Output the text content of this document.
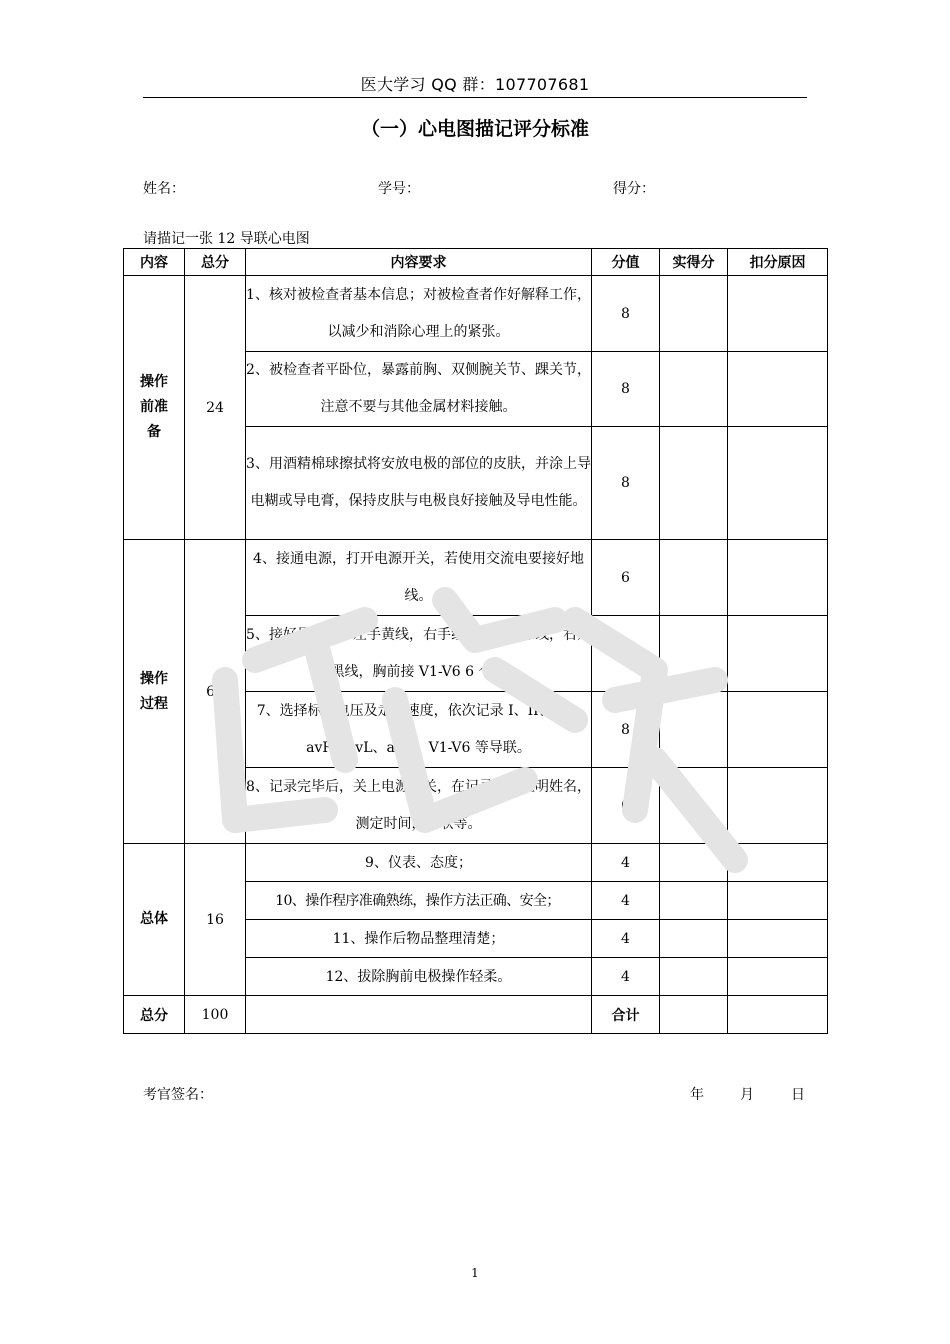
医大学习 QQ 群：107707681
（一）心电图描记评分标准
姓名：	学号：	得分：
请描记一张 12 导联心电图
内容	总分	内容要求	分值	实得分	扣分原因

操作前准备	24	1、核对被检查者基本信息；对被检查者作好解释工作，以减少和消除心理上的紧张。	8		
		2、被检查者平卧位，暴露前胸、双侧腕关节、踝关节，注意不要与其他金属材料接触。	8		
		3、用酒精棉球擦拭将安放电极的部位的皮肤，并涂上导电糊或导电膏，保持皮肤与电极良好接触及导电性能。	8		

操作过程	60	4、接通电源，打开电源开关，若使用交流电要接好地线。	6		
		5、接好导联线，左手黄线，右手红线，左足绿线，右足黑线，胸前接 V1-V6 6 个。	40		
		7、选择标准电压及走纸速度，依次记录 I、II、Ⅲ、avR、avL、aVF、V1-V6 等导联。	8		
		8、记录完毕后，关上电源开关，在记录纸上注明姓名，测定时间，导联等。	6		

总体	16	9、仪表、态度；	4		
		10、操作程序准确熟练，操作方法正确、安全；	4		
		11、操作后物品整理清楚；	4		
		12、拔除胸前电极操作轻柔。	4		
总分	100		合计		
考官签名：	年	月	日
1
